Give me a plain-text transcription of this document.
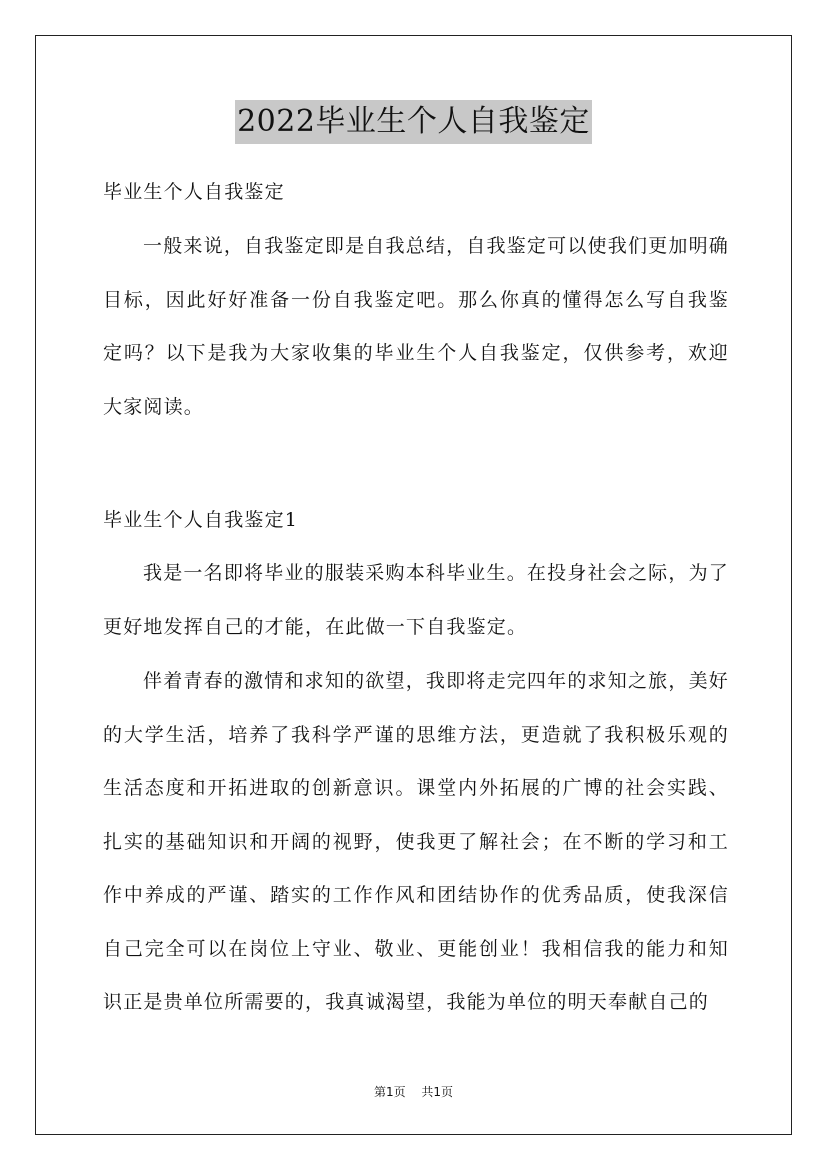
2022毕业生个人自我鉴定

毕业生个人自我鉴定

一般来说，自我鉴定即是自我总结，自我鉴定可以使我们更加明确目标，因此好好准备一份自我鉴定吧。那么你真的懂得怎么写自我鉴定吗？以下是我为大家收集的毕业生个人自我鉴定，仅供参考，欢迎大家阅读。

毕业生个人自我鉴定1

我是一名即将毕业的服装采购本科毕业生。在投身社会之际，为了更好地发挥自己的才能，在此做一下自我鉴定。

伴着青春的激情和求知的欲望，我即将走完四年的求知之旅，美好的大学生活，培养了我科学严谨的思维方法，更造就了我积极乐观的生活态度和开拓进取的创新意识。课堂内外拓展的广博的社会实践、扎实的基础知识和开阔的视野，使我更了解社会；在不断的学习和工作中养成的严谨、踏实的工作作风和团结协作的优秀品质，使我深信自己完全可以在岗位上守业、敬业、更能创业！我相信我的能力和知识正是贵单位所需要的，我真诚渴望，我能为单位的明天奉献自己的

第1页 共1页
